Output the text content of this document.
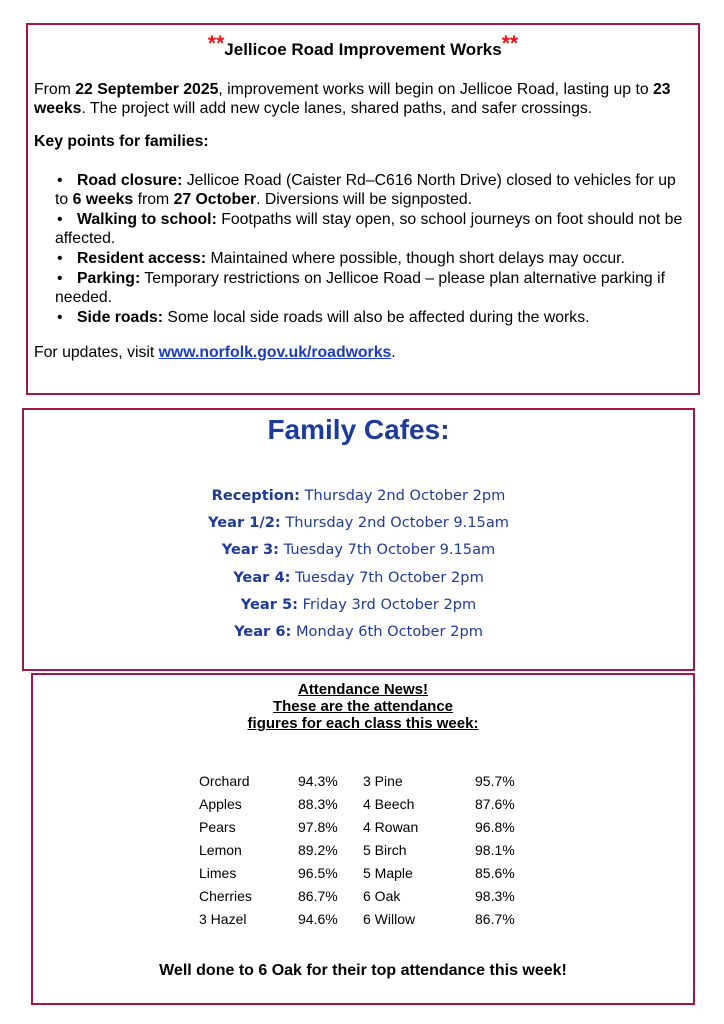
**Jellicoe Road Improvement Works**
From 22 September 2025, improvement works will begin on Jellicoe Road, lasting up to 23 weeks. The project will add new cycle lanes, shared paths, and safer crossings.
Key points for families:
• Road closure: Jellicoe Road (Caister Rd–C616 North Drive) closed to vehicles for up to 6 weeks from 27 October. Diversions will be signposted.
• Walking to school: Footpaths will stay open, so school journeys on foot should not be affected.
• Resident access: Maintained where possible, though short delays may occur.
• Parking: Temporary restrictions on Jellicoe Road – please plan alternative parking if needed.
• Side roads: Some local side roads will also be affected during the works.
For updates, visit www.norfolk.gov.uk/roadworks.
Family Cafes:
Reception: Thursday 2nd October 2pm
Year 1/2: Thursday 2nd October 9.15am
Year 3: Tuesday 7th October 9.15am
Year 4: Tuesday 7th October 2pm
Year 5: Friday 3rd October 2pm
Year 6: Monday 6th October 2pm
Attendance News!
These are the attendance
figures for each class this week:
Orchard	94.3%	3 Pine	95.7%
Apples	88.3%	4 Beech	87.6%
Pears	97.8%	4 Rowan	96.8%
Lemon	89.2%	5 Birch	98.1%
Limes	96.5%	5 Maple	85.6%
Cherries	86.7%	6 Oak	98.3%
3 Hazel	94.6%	6 Willow	86.7%
Well done to 6 Oak for their top attendance this week!
